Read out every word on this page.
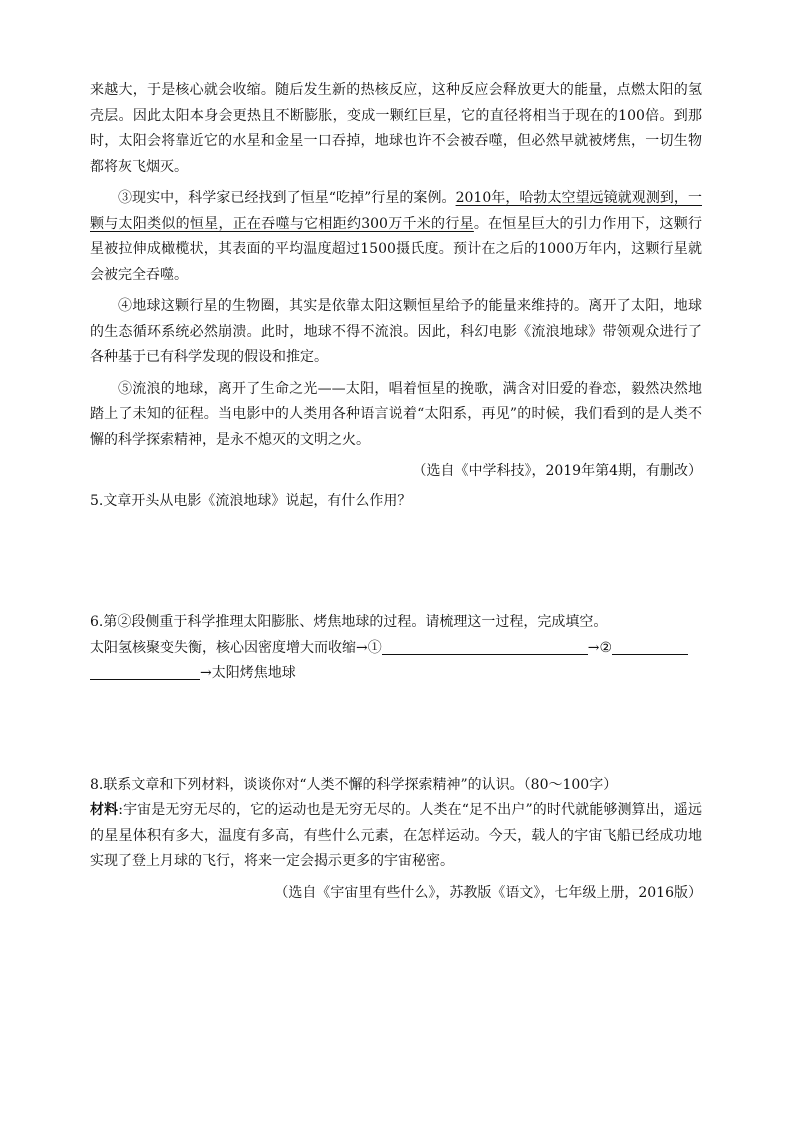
来越大，于是核心就会收缩。随后发生新的热核反应，这种反应会释放更大的能量，点燃太阳的氢壳层。因此太阳本身会更热且不断膨胀，变成一颗红巨星，它的直径将相当于现在的100倍。到那时，太阳会将靠近它的水星和金星一口吞掉，地球也许不会被吞噬，但必然早就被烤焦，一切生物都将灰飞烟灭。

③现实中，科学家已经找到了恒星“吃掉”行星的案例。2010年，哈勃太空望远镜就观测到，一颗与太阳类似的恒星，正在吞噬与它相距约300万千米的行星。在恒星巨大的引力作用下，这颗行星被拉伸成橄榄状，其表面的平均温度超过1500摄氏度。预计在之后的1000万年内，这颗行星就会被完全吞噬。

④地球这颗行星的生物圈，其实是依靠太阳这颗恒星给予的能量来维持的。离开了太阳，地球的生态循环系统必然崩溃。此时，地球不得不流浪。因此，科幻电影《流浪地球》带领观众进行了各种基于已有科学发现的假设和推定。

⑤流浪的地球，离开了生命之光——太阳，唱着恒星的挽歌，满含对旧爱的眷恋，毅然决然地踏上了未知的征程。当电影中的人类用各种语言说着“太阳系，再见”的时候，我们看到的是人类不懈的科学探索精神，是永不熄灭的文明之火。

（选自《中学科技》，2019年第4期，有删改）

5.文章开头从电影《流浪地球》说起，有什么作用？

6.第②段侧重于科学推理太阳膨胀、烤焦地球的过程。请梳理这一过程，完成填空。

太阳氢核聚变失衡，核心因密度增大而收缩→①	→②

→太阳烤焦地球

8.联系文章和下列材料，谈谈你对“人类不懈的科学探索精神”的认识。（80～100字）

材料:宇宙是无穷无尽的，它的运动也是无穷无尽的。人类在“足不出户”的时代就能够测算出，遥远的星星体积有多大，温度有多高，有些什么元素，在怎样运动。今天，载人的宇宙飞船已经成功地实现了登上月球的飞行，将来一定会揭示更多的宇宙秘密。

（选自《宇宙里有些什么》，苏教版《语文》，七年级上册，2016版）
